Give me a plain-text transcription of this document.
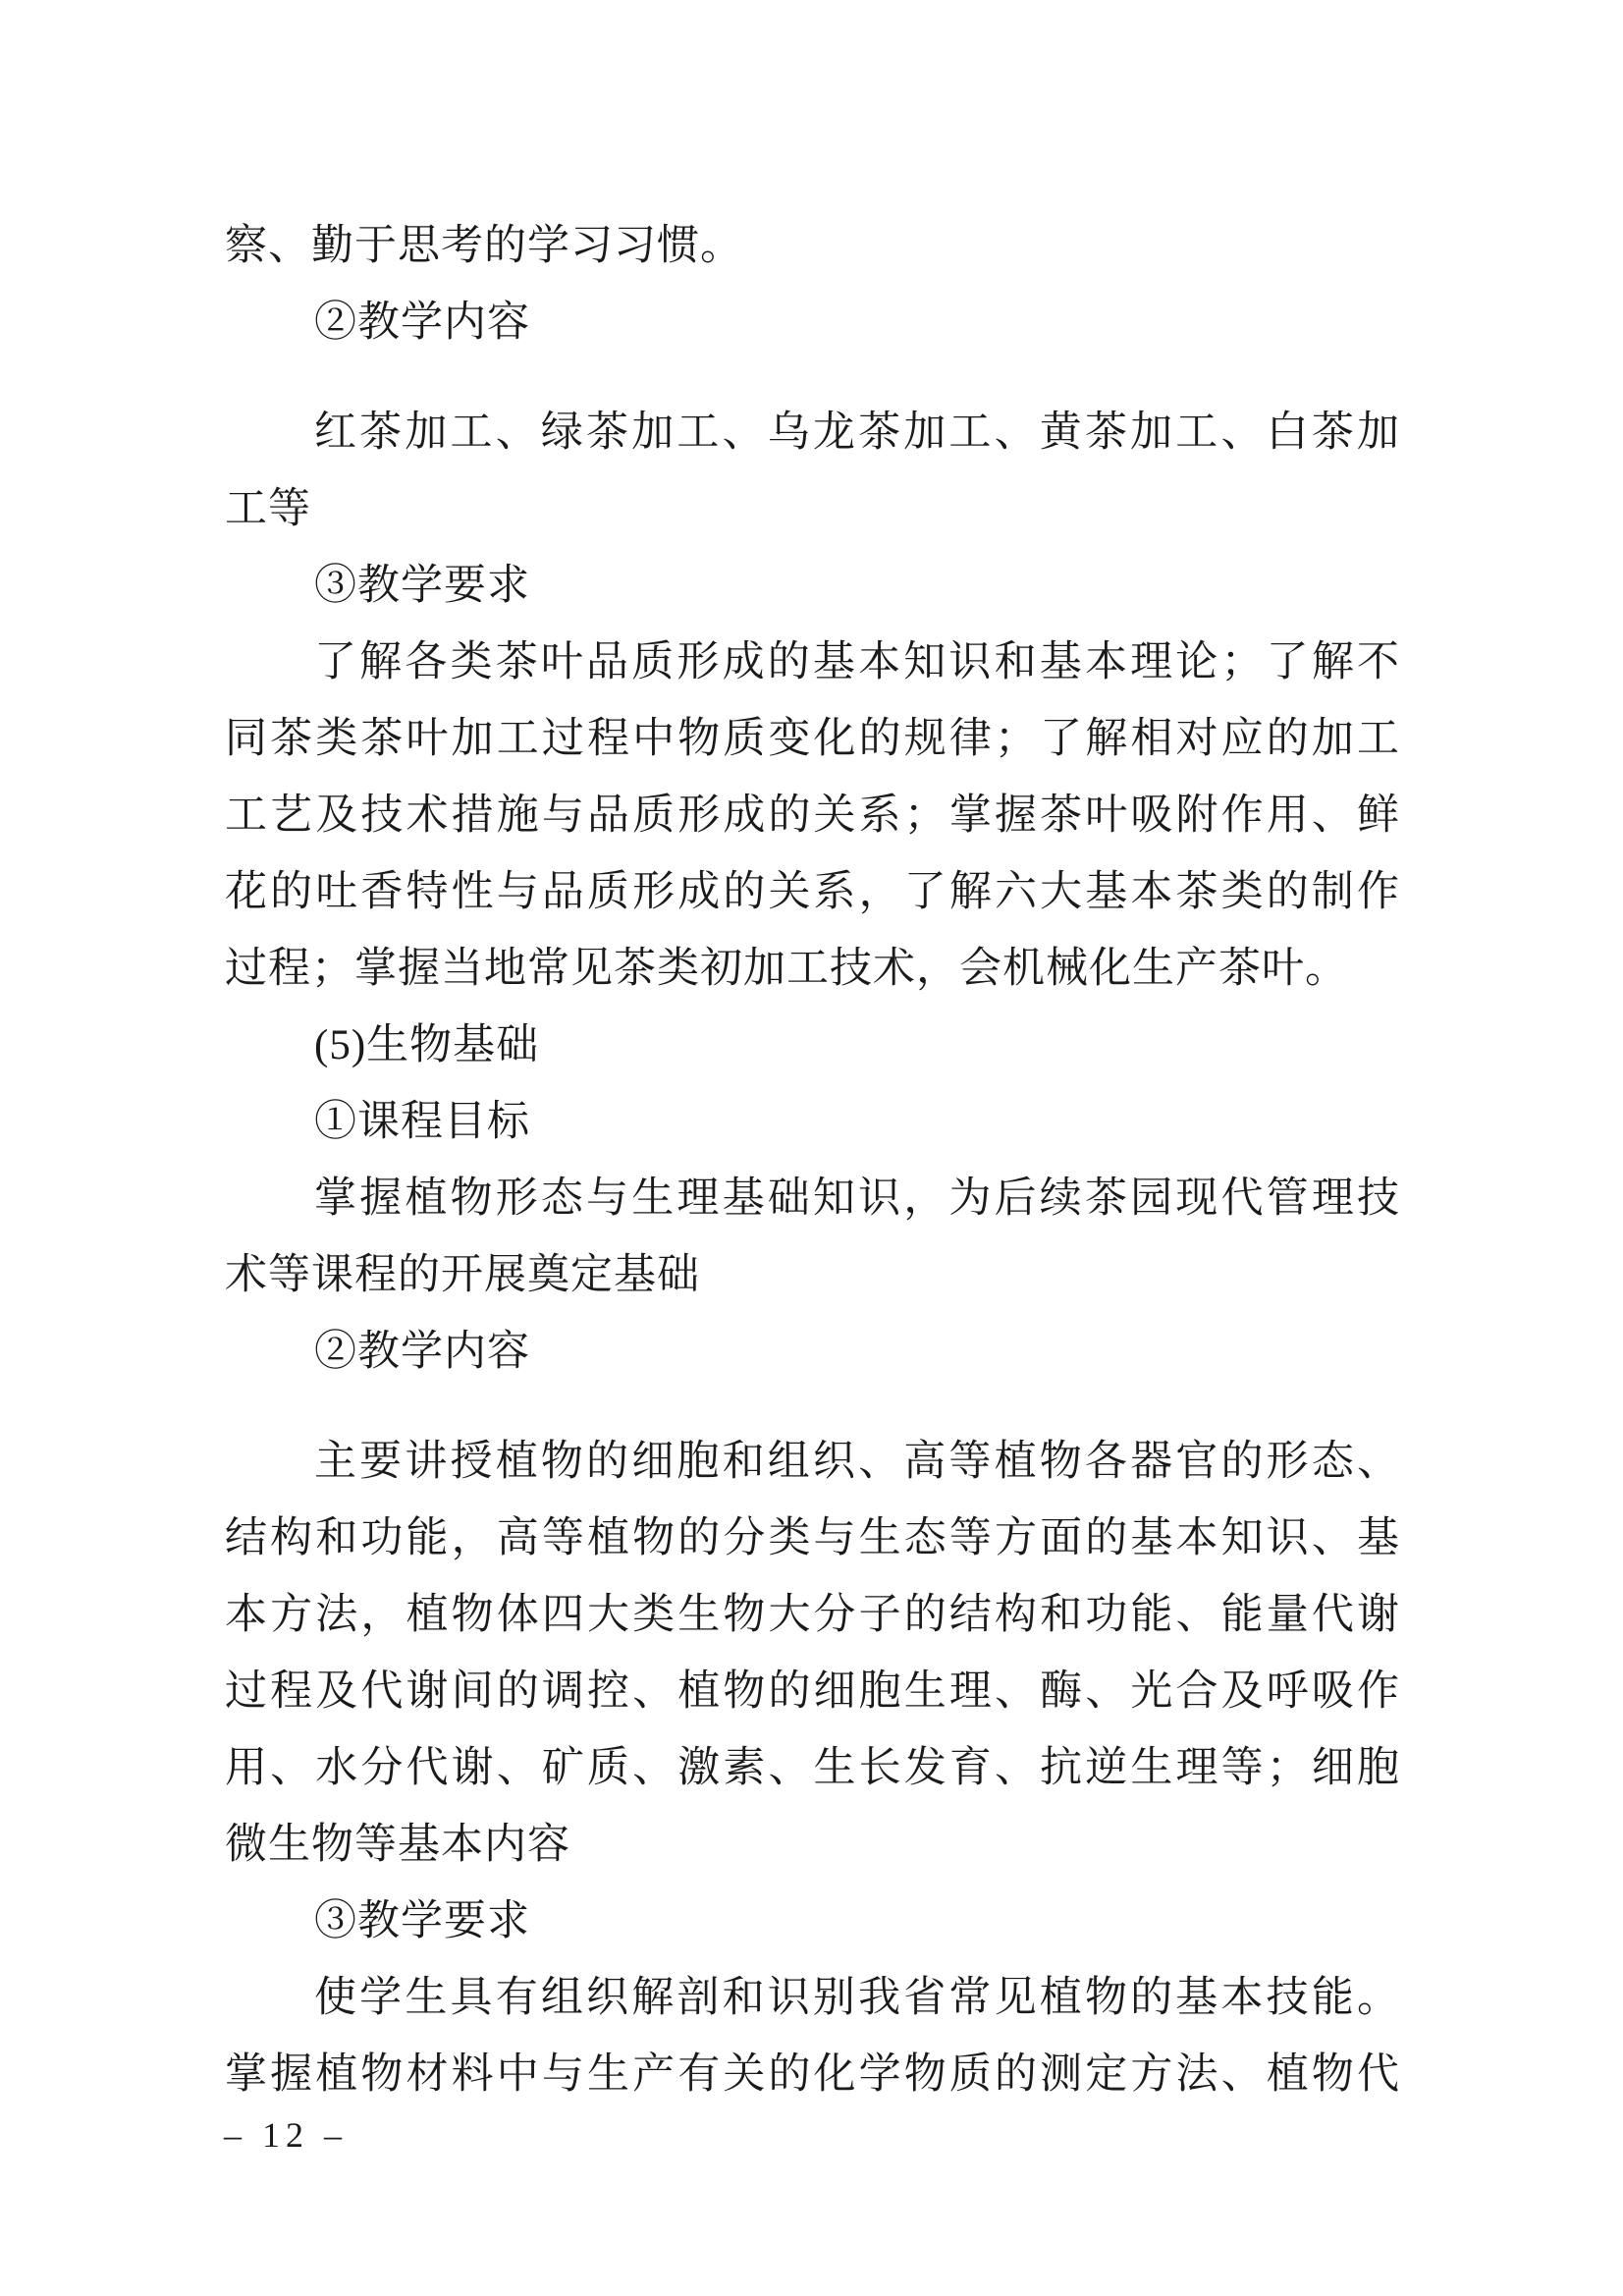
察、勤于思考的学习习惯。
②教学内容
红茶加工、绿茶加工、乌龙茶加工、黄茶加工、白茶加
工等
③教学要求
了解各类茶叶品质形成的基本知识和基本理论；了解不
同茶类茶叶加工过程中物质变化的规律；了解相对应的加工
工艺及技术措施与品质形成的关系；掌握茶叶吸附作用、鲜
花的吐香特性与品质形成的关系，了解六大基本茶类的制作
过程；掌握当地常见茶类初加工技术，会机械化生产茶叶。
(5)生物基础
①课程目标
掌握植物形态与生理基础知识，为后续茶园现代管理技
术等课程的开展奠定基础
②教学内容
主要讲授植物的细胞和组织、高等植物各器官的形态、
结构和功能，高等植物的分类与生态等方面的基本知识、基
本方法，植物体四大类生物大分子的结构和功能、能量代谢
过程及代谢间的调控、植物的细胞生理、酶、光合及呼吸作
用、水分代谢、矿质、激素、生长发育、抗逆生理等；细胞
微生物等基本内容
③教学要求
使学生具有组织解剖和识别我省常见植物的基本技能。
掌握植物材料中与生产有关的化学物质的测定方法、植物代
– 12 –
